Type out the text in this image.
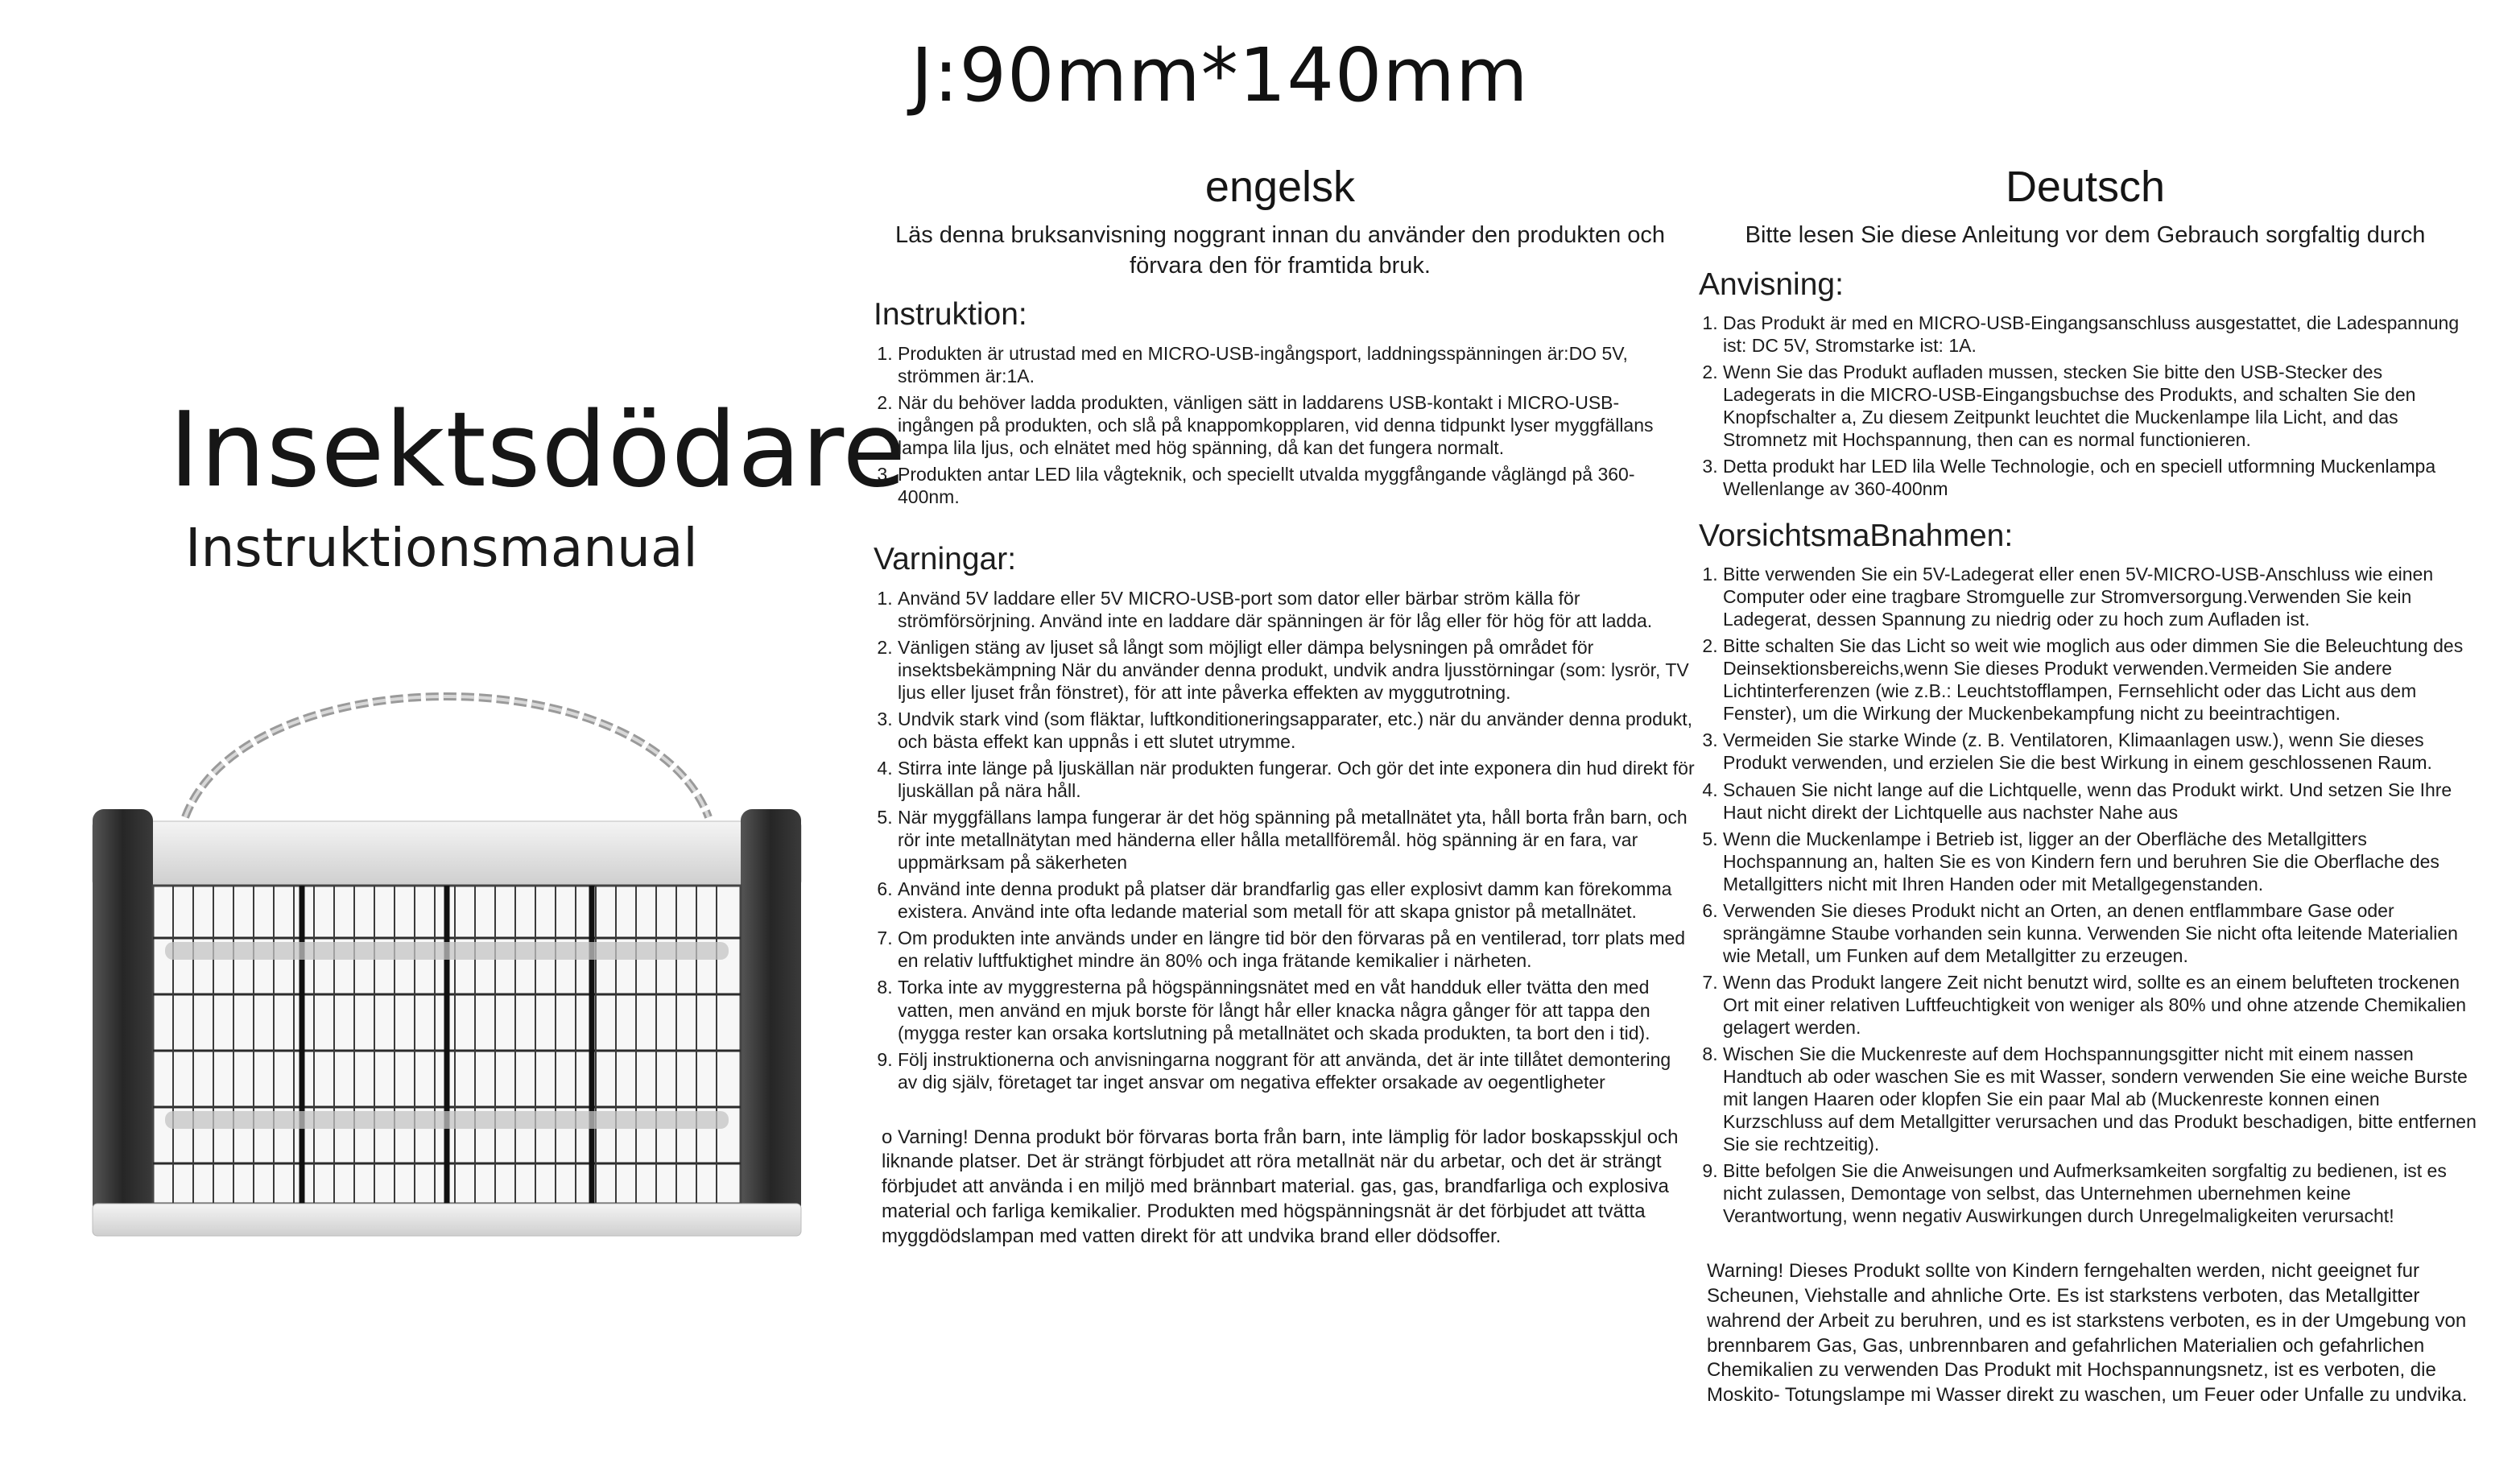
J:90mm*140mm
Insektsdödare
Instruktionsmanual
engelsk
Läs denna bruksanvisning noggrant innan du använder den produkten och förvara den för framtida bruk.
Instruktion:
1. Produkten är utrustad med en MICRO-USB-ingångsport, laddningsspänningen är:DO 5V, strömmen är:1A.
2. När du behöver ladda produkten, vänligen sätt in laddarens USB-kontakt i MICRO-USB-ingången på produkten, och slå på knappomkopplaren, vid denna tidpunkt lyser myggfällans lampa lila ljus, och elnätet med hög spänning, då kan det fungera normalt.
3. Produkten antar LED lila vågteknik, och speciellt utvalda myggfångande våglängd på 360-400nm.
Varningar:
1. Använd 5V laddare eller 5V MICRO-USB-port som dator eller bärbar ström källa för strömförsörjning. Använd inte en laddare där spänningen är för låg eller för hög för att ladda.
2. Vänligen stäng av ljuset så långt som möjligt eller dämpa belysningen på området för insektsbekämpning När du använder denna produkt, undvik andra ljusstörningar (som: lysrör, TV ljus eller ljuset från fönstret), för att inte påverka effekten av myggutrotning.
3. Undvik stark vind (som fläktar, luftkonditioneringsapparater, etc.) när du använder denna produkt, och bästa effekt kan uppnås i ett slutet utrymme.
4. Stirra inte länge på ljuskällan när produkten fungerar. Och gör det inte exponera din hud direkt för ljuskällan på nära håll.
5. När myggfällans lampa fungerar är det hög spänning på metallnätet yta, håll borta från barn, och rör inte metallnätytan med händerna eller hålla metallföremål. hög spänning är en fara, var uppmärksam på säkerheten
6. Använd inte denna produkt på platser där brandfarlig gas eller explosivt damm kan förekomma existera. Använd inte ofta ledande material som metall för att skapa gnistor på metallnätet.
7. Om produkten inte används under en längre tid bör den förvaras på en ventilerad, torr plats med en relativ luftfuktighet mindre än 80% och inga frätande kemikalier i närheten.
8. Torka inte av myggresterna på högspänningsnätet med en våt handduk eller tvätta den med vatten, men använd en mjuk borste för långt hår eller knacka några gånger för att tappa den (mygga rester kan orsaka kortslutning på metallnätet och skada produkten, ta bort den i tid).
9. Följ instruktionerna och anvisningarna noggrant för att använda, det är inte tillåtet demontering av dig själv, företaget tar inget ansvar om negativa effekter orsakade av oegentligheter
o Varning! Denna produkt bör förvaras borta från barn, inte lämplig för lador boskapsskjul och liknande platser. Det är strängt förbjudet att röra metallnät när du arbetar, och det är strängt förbjudet att använda i en miljö med brännbart material. gas, gas, brandfarliga och explosiva material och farliga kemikalier. Produkten med högspänningsnät är det förbjudet att tvätta myggdödslampan med vatten direkt för att undvika brand eller dödsoffer.
Deutsch
Bitte lesen Sie diese Anleitung vor dem Gebrauch sorgfaltig durch
Anvisning:
1. Das Produkt är med en MICRO-USB-Eingangsanschluss ausgestattet, die Ladespannung ist: DC 5V, Stromstarke ist: 1A.
2. Wenn Sie das Produkt aufladen mussen, stecken Sie bitte den USB-Stecker des Ladegerats in die MICRO-USB-Eingangsbuchse des Produkts, and schalten Sie den Knopfschalter a, Zu diesem Zeitpunkt leuchtet die Muckenlampe lila Licht, and das Stromnetz mit Hochspannung, then can es normal functionieren.
3. Detta produkt har LED lila Welle Technologie, och en speciell utformning Muckenlampa Wellenlange av 360-400nm
VorsichtsmaBnahmen:
1. Bitte verwenden Sie ein 5V-Ladegerat eller enen 5V-MICRO-USB-Anschluss wie einen Computer oder eine tragbare Stromguelle zur Stromversorgung.Verwenden Sie kein Ladegerat, dessen Spannung zu niedrig oder zu hoch zum Aufladen ist.
2. Bitte schalten Sie das Licht so weit wie moglich aus oder dimmen Sie die Beleuchtung des Deinsektionsbereichs,wenn Sie dieses Produkt verwenden.Vermeiden Sie andere Lichtinterferenzen (wie z.B.: Leuchtstofflampen, Fernsehlicht oder das Licht aus dem Fenster), um die Wirkung der Muckenbekampfung nicht zu beeintrachtigen.
3. Vermeiden Sie starke Winde (z. B. Ventilatoren, Klimaanlagen usw.), wenn Sie dieses Produkt verwenden, und erzielen Sie die best Wirkung in einem geschlossenen Raum.
4. Schauen Sie nicht lange auf die Lichtquelle, wenn das Produkt wirkt. Und setzen Sie Ihre Haut nicht direkt der Lichtquelle aus nachster Nahe aus
5. Wenn die Muckenlampe i Betrieb ist, ligger an der Oberfläche des Metallgitters Hochspannung an, halten Sie es von Kindern fern und beruhren Sie die Oberflache des Metallgitters nicht mit Ihren Handen oder mit Metallgegenstanden.
6. Verwenden Sie dieses Produkt nicht an Orten, an denen entflammbare Gase oder sprängämne Staube vorhanden sein kunna. Verwenden Sie nicht ofta leitende Materialien wie Metall, um Funken auf dem Metallgitter zu erzeugen.
7. Wenn das Produkt langere Zeit nicht benutzt wird, sollte es an einem belufteten trockenen Ort mit einer relativen Luftfeuchtigkeit von weniger als 80% und ohne atzende Chemikalien gelagert werden.
8. Wischen Sie die Muckenreste auf dem Hochspannungsgitter nicht mit einem nassen Handtuch ab oder waschen Sie es mit Wasser, sondern verwenden Sie eine weiche Burste mit langen Haaren oder klopfen Sie ein paar Mal ab (Muckenreste konnen einen Kurzschluss auf dem Metallgitter verursachen und das Produkt beschadigen, bitte entfernen Sie sie rechtzeitig).
9. Bitte befolgen Sie die Anweisungen und Aufmerksamkeiten sorgfaltig zu bedienen, ist es nicht zulassen, Demontage von selbst, das Unternehmen ubernehmen keine Verantwortung, wenn negativ Auswirkungen durch Unregelmaligkeiten verursacht!
Warning! Dieses Produkt sollte von Kindern ferngehalten werden, nicht geeignet fur Scheunen, Viehstalle and ahnliche Orte. Es ist starkstens verboten, das Metallgitter wahrend der Arbeit zu beruhren, und es ist starkstens verboten, es in der Umgebung von brennbarem Gas, Gas, unbrennbaren and gefahrlichen Materialien och gefahrlichen Chemikalien zu verwenden Das Produkt mit Hochspannungsnetz, ist es verboten, die Moskito- Totungslampe mi Wasser direkt zu waschen, um Feuer oder Unfalle zu undvika.
